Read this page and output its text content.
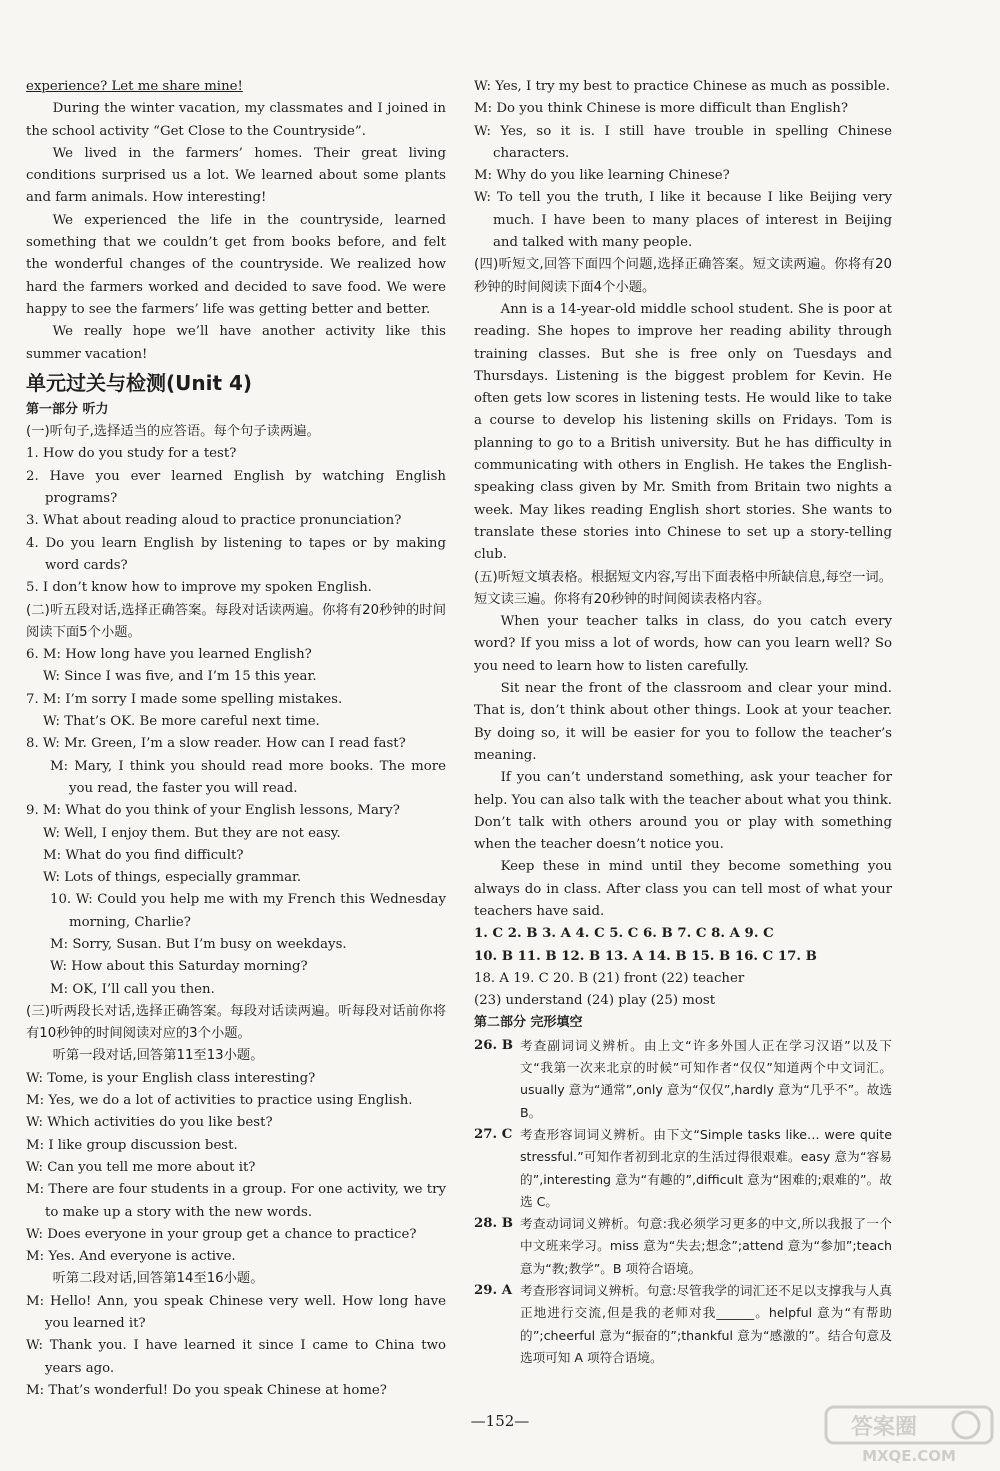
experience? Let me share mine!

During the winter vacation, my classmates and I joined in the school activity “Get Close to the Countryside”.

We lived in the farmers’ homes. Their great living conditions surprised us a lot. We learned about some plants and farm animals. How interesting!

We experienced the life in the countryside, learned something that we couldn’t get from books before, and felt the wonderful changes of the countryside. We realized how hard the farmers worked and decided to save food. We were happy to see the farmers’ life was getting better and better.

We really hope we’ll have another activity like this summer vacation!

单元过关与检测(Unit 4)

第一部分 听力

(一)听句子,选择适当的应答语。每个句子读两遍。

1. How do you study for a test?

2. Have you ever learned English by watching English programs?

3. What about reading aloud to practice pronunciation?

4. Do you learn English by listening to tapes or by making word cards?

5. I don’t know how to improve my spoken English.

(二)听五段对话,选择正确答案。每段对话读两遍。你将有20秒钟的时间阅读下面5个小题。

6. M: How long have you learned English?

W: Since I was five, and I’m 15 this year.

7. M: I’m sorry I made some spelling mistakes.

W: That’s OK. Be more careful next time.

8. W: Mr. Green, I’m a slow reader. How can I read fast?

M: Mary, I think you should read more books. The more you read, the faster you will read.

9. M: What do you think of your English lessons, Mary?

W: Well, I enjoy them. But they are not easy.

M: What do you find difficult?

W: Lots of things, especially grammar.

10. W: Could you help me with my French this Wednesday morning, Charlie?

M: Sorry, Susan. But I’m busy on weekdays.

W: How about this Saturday morning?

M: OK, I’ll call you then.

(三)听两段长对话,选择正确答案。每段对话读两遍。听每段对话前你将有10秒钟的时间阅读对应的3个小题。

听第一段对话,回答第11至13小题。

W: Tome, is your English class interesting?

M: Yes, we do a lot of activities to practice using English.

W: Which activities do you like best?

M: I like group discussion best.

W: Can you tell me more about it?

M: There are four students in a group. For one activity, we try to make up a story with the new words.

W: Does everyone in your group get a chance to practice?

M: Yes. And everyone is active.

听第二段对话,回答第14至16小题。

M: Hello! Ann, you speak Chinese very well. How long have you learned it?

W: Thank you. I have learned it since I came to China two years ago.

M: That’s wonderful! Do you speak Chinese at home?

W: Yes, I try my best to practice Chinese as much as possible.

M: Do you think Chinese is more difficult than English?

W: Yes, so it is. I still have trouble in spelling Chinese characters.

M: Why do you like learning Chinese?

W: To tell you the truth, I like it because I like Beijing very much. I have been to many places of interest in Beijing and talked with many people.

(四)听短文,回答下面四个问题,选择正确答案。短文读两遍。你将有20秒钟的时间阅读下面4个小题。

Ann is a 14-year-old middle school student. She is poor at reading. She hopes to improve her reading ability through training classes. But she is free only on Tuesdays and Thursdays. Listening is the biggest problem for Kevin. He often gets low scores in listening tests. He would like to take a course to develop his listening skills on Fridays. Tom is planning to go to a British university. But he has difficulty in communicating with others in English. He takes the English-speaking class given by Mr. Smith from Britain two nights a week. May likes reading English short stories. She wants to translate these stories into Chinese to set up a story-telling club.

(五)听短文填表格。根据短文内容,写出下面表格中所缺信息,每空一词。短文读三遍。你将有20秒钟的时间阅读表格内容。

When your teacher talks in class, do you catch every word? If you miss a lot of words, how can you learn well? So you need to learn how to listen carefully.

Sit near the front of the classroom and clear your mind. That is, don’t think about other things. Look at your teacher. By doing so, it will be easier for you to follow the teacher’s meaning.

If you can’t understand something, ask your teacher for help. You can also talk with the teacher about what you think. Don’t talk with others around you or play with something when the teacher doesn’t notice you.

Keep these in mind until they become something you always do in class. After class you can tell most of what your teachers have said.

1. C 2. B 3. A 4. C 5. C 6. B 7. C 8. A 9. C

10. B 11. B 12. B 13. A 14. B 15. B 16. C 17. B

18. A 19. C 20. B (21) front (22) teacher

(23) understand (24) play (25) most

第二部分 完形填空

26. B 考查副词词义辨析。由上文“许多外国人正在学习汉语”以及下文“我第一次来北京的时候”可知作者“仅仅”知道两个中文词汇。usually 意为“通常”,only 意为“仅仅”,hardly 意为“几乎不”。故选 B。
27. C 考查形容词词义辨析。由下文“Simple tasks like… were quite stressful.”可知作者初到北京的生活过得很艰难。easy 意为“容易的”,interesting 意为“有趣的”,difficult 意为“困难的;艰难的”。故选 C。
28. B 考查动词词义辨析。句意:我必须学习更多的中文,所以我报了一个中文班来学习。miss 意为“失去;想念”;attend 意为“参加”;teach 意为“教;教学”。B 项符合语境。
29. A 考查形容词词义辨析。句意:尽管我学的词汇还不足以支撑我与人真正地进行交流,但是我的老师对我______。helpful 意为“有帮助的”;cheerful 意为“振奋的”;thankful 意为“感激的”。结合句意及选项可知 A 项符合语境。
—152—	答案圈
MXQE.COM
